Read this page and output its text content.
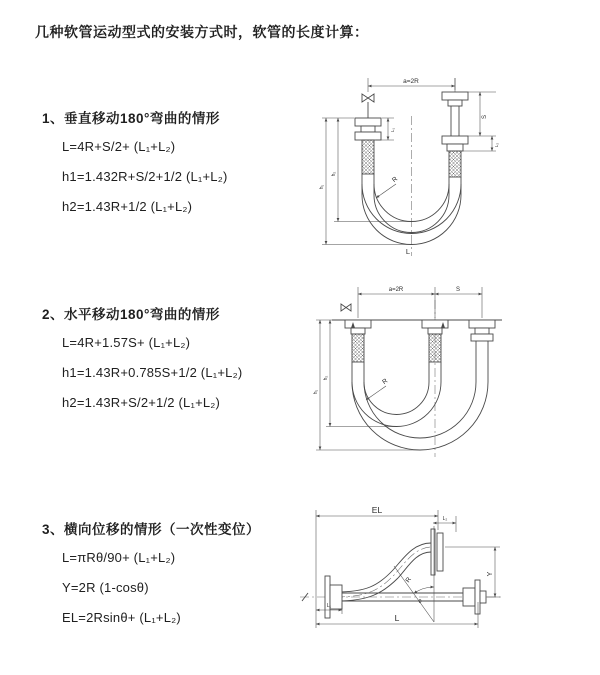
几种软管运动型式的安装方式时，软管的长度计算：
1、垂直移动180°弯曲的情形
L=4R+S/2+ (L₁+L₂)
h1=1.432R+S/2+1/2 (L₁+L₂)
h2=1.43R+1/2 (L₁+L₂)
a=2R
S
L₂
L₁
h₁
h₂
R
L
2、水平移动180°弯曲的情形
L=4R+1.57S+ (L₁+L₂)
h1=1.43R+0.785S+1/2 (L₁+L₂)
h2=1.43R+S/2+1/2 (L₁+L₂)
a=2R	S
h₁
h₂	R
3、横向位移的情形（一次性变位）
L=πRθ/90+ (L₁+L₂)
Y=2R (1-cosθ)
EL=2Rsinθ+ (L₁+L₂)
EL
L₂
Y
θ
R
L₁
L
